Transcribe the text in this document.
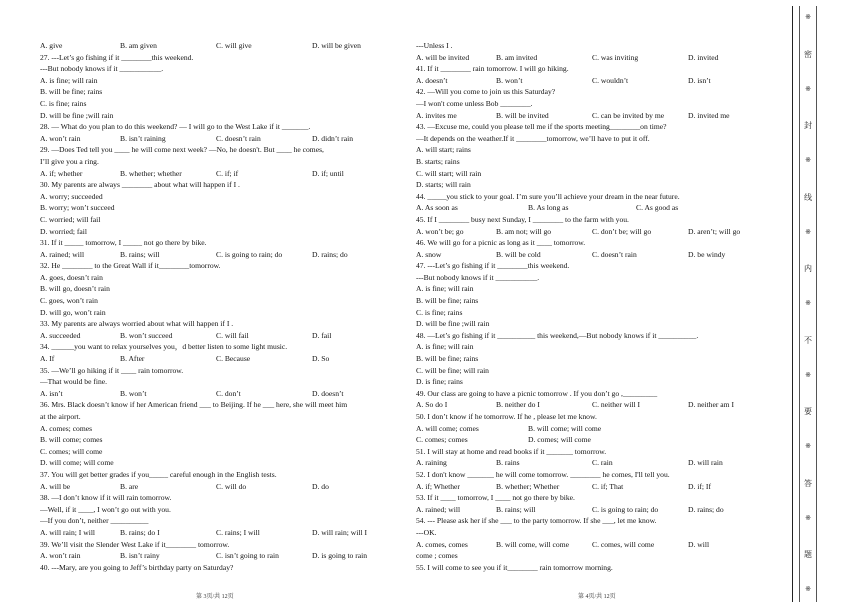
A. give	B. am given	C. will give	D. will be given
27. ---Let’s go fishing if it ________this weekend.
---But nobody knows if it ___________.
A. is fine; will rain
B. will be fine; rains
C. is fine; rains
D. will be fine ;will rain
28. — What do you plan to do this weekend? — I will go to the West Lake if it _______.
A. won’t rain	B. isn’t raining	C. doesn’t rain	D. didn’t rain
29. —Does Ted tell you ____ he will come next week? —No, he doesn't. But ____ he comes,
I’ll give you a ring.
A. if; whether	B. whether; whether	C. if; if	D. if; until
30. My parents are always ________ about what will happen if I .
A. worry; succeeded
B. worry; won’t succeed
C. worried; will fail
D. worried; fail
31. If it _____ tomorrow, I _____ not go there by bike.
A. rained; will	B. rains; will	C. is going to rain; do	D. rains; do
32. He ________ to the Great Wall if it________tomorrow.
A. goes, doesn’t rain
B. will go, doesn’t rain
C. goes, won’t rain
D. will go, won’t rain
33. My parents are always worried about what will happen if I .
A. succeeded	B. won’t succeed	C. will fail	D. fail
34. ______you want to relax yourselves you，d better listen to some light music.
A. If	B. After	C. Because	D. So
35. —We’ll go hiking if it ____ rain tomorrow.
—That would be fine.
A. isn’t	B. won’t	C. don’t	D. doesn’t
36. Mrs. Black doesn’t know if her American friend ___ to Beijing. If he ___ here, she will meet him
at the airport.
A. comes; comes
B. will come; comes
C. comes; will come
D. will come; will come
37. You will get better grades if you_____ careful enough in the English tests.
A. will be	B. are	C. will do	D. do
38. —I don’t know if it will rain tomorrow.
—Well, if it ____, I won’t go out with you.
—If you don’t, neither __________
A. will rain; I will	B. rains; do I	C. rains; I will	D. will rain; will I
39. We’ll visit the Slender West Lake if it________ tomorrow.
A. won’t rain	B. isn’t rainy	C. isn’t going to rain	D. is going to rain
40. ---Mary, are you going to Jeff’s birthday party on Saturday?
---Unless I .
A. will be invited	B. am invited	C. was inviting	D. invited
41. If it ________ rain tomorrow. I will go hiking.
A. doesn’t	B. won’t	C. wouldn’t	D. isn’t
42. —Will you come to join us this Saturday?
—I won't come unless Bob ________.
A. invites me	B. will be invited	C. can be invited by me	D. invited me
43. —Excuse me, could you please tell me if the sports meeting________on time?
—It depends on the weather.If it ________tomorrow, we’ll have to put it off.
A. will start; rains
B. starts; rains
C. will start; will rain
D. starts; will rain
44. _____you stick to your goal. I’m sure you’ll achieve your dream in the near future.
A. As soon as	B. As long as	C. As good as
45. If I ________ busy next Sunday, I ________ to the farm with you.
A. won’t be; go	B. am not; will go	C. don’t be; will go	D. aren’t; will go
46. We will go for a picnic as long as it ____ tomorrow.
A. snow	B. will be cold	C. doesn’t rain	D. be windy
47. ---Let’s go fishing if it ________this weekend.
---But nobody knows if it ___________.
A. is fine; will rain
B. will be fine; rains
C. is fine; rains
D. will be fine ;will rain
48. —Let’s go fishing if it __________ this weekend,—But nobody knows if it __________.
A. is fine; will rain
B. will be fine; rains
C. will be fine; will rain
D. is fine; rains
49. Our class are going to have a picnic tomorrow . If you don’t go ,_________
A. So do I	B. neither do I	C. neither will I	D. neither am I
50. I don’t know if he tomorrow. If he , please let me know.
A. will come; comes	B. will come; will come
C. comes; comes	D. comes; will come
51. I will stay at home and read books if it _______ tomorrow.
A. raining	B. rains	C. rain	D. will rain
52. I don't know _______ he will come tomorrow. ________ he comes, I'll tell you.
A. if; Whether	B. whether; Whether	C. if; That	D. if; If
53. If it ____ tomorrow, I ____ not go there by bike.
A. rained; will	B. rains; will	C. is going to rain; do	D. rains; do
54. --- Please ask her if she ___ to the party tomorrow. If she ___, let me know.
---OK.
A. comes, comes	B. will come, will come	C. comes, will come	D. will
come ; comes
55. I will come to see you if it________ rain tomorrow morning.
第 3页/共 12页	第 4页/共 12页
※
密
※
封
※
线
※
内
※
不
※
要
※
答
※
题
※
